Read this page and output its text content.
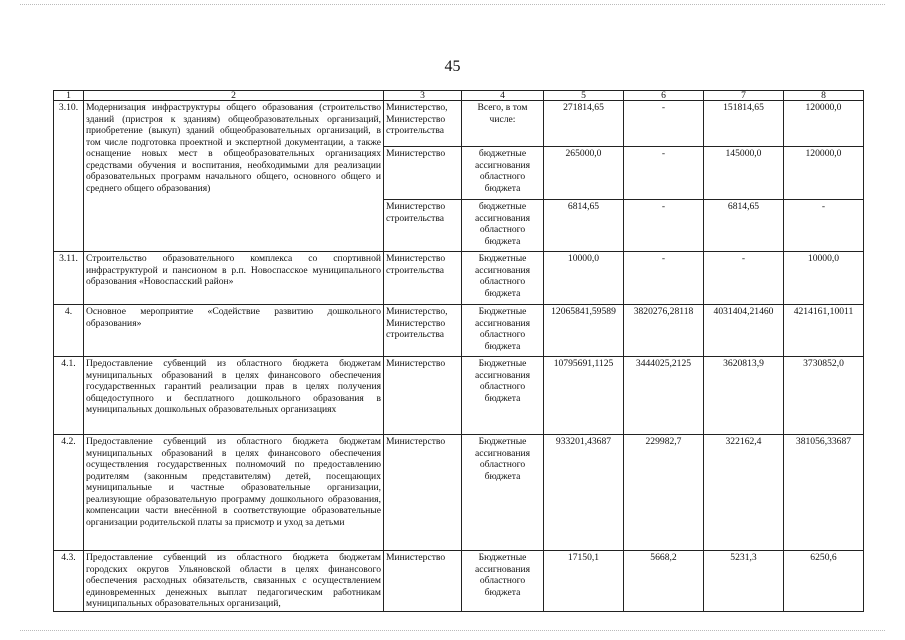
45
1	2	3	4	5	6	7	8
3.10.	Модернизация инфраструктуры общего образования (строительство зданий (пристроя к зданиям) общеобразовательных организаций, приобретение (выкуп) зданий общеобразовательных организаций, в том числе подготовка проектной и экспертной документации, а также оснащение новых мест в общеобразовательных организациях средствами обучения и воспитания, необходимыми для реализации образовательных программ начального общего, основного общего и среднего общего образования)	Министерство, Министерство строительства	Всего, в том числе:	271814,65	-	151814,65	120000,0
		Министерство	бюджетные ассигнования областного бюджета	265000,0	-	145000,0	120000,0
		Министерство строительства	бюджетные ассигнования областного бюджета	6814,65	-	6814,65	-
3.11.	Строительство образовательного комплекса со спортивной инфраструктурой и пансионом в р.п. Новоспасское муниципального образования «Новоспасский район»	Министерство строительства	Бюджетные ассигнования областного бюджета	10000,0	-	-	10000,0
4.	Основное мероприятие «Содействие развитию дошкольного образования»	Министерство, Министерство строительства	Бюджетные ассигнования областного бюджета	12065841,59589	3820276,28118	4031404,21460	4214161,10011
4.1.	Предоставление субвенций из областного бюджета бюджетам муниципальных образований в целях финансового обеспечения государственных гарантий реализации прав в целях получения общедоступного и бесплатного дошкольного образования в муниципальных дошкольных образовательных организациях	Министерство	Бюджетные ассигнования областного бюджета	10795691,1125	3444025,2125	3620813,9	3730852,0
4.2.	Предоставление субвенций из областного бюджета бюджетам муниципальных образований в целях финансового обеспечения осуществления государственных полномочий по предоставлению родителям (законным представителям) детей, посещающих муниципальные и частные образовательные организации, реализующие образовательную программу дошкольного образования, компенсации части внесённой в соответствующие образовательные организации родительской платы за присмотр и уход за детьми	Министерство	Бюджетные ассигнования областного бюджета	933201,43687	229982,7	322162,4	381056,33687
4.3.	Предоставление субвенций из областного бюджета бюджетам городских округов Ульяновской области в целях финансового обеспечения расходных обязательств, связанных с осуществлением единовременных денежных выплат педагогическим работникам муниципальных образовательных организаций,	Министерство	Бюджетные ассигнования областного бюджета	17150,1	5668,2	5231,3	6250,6
